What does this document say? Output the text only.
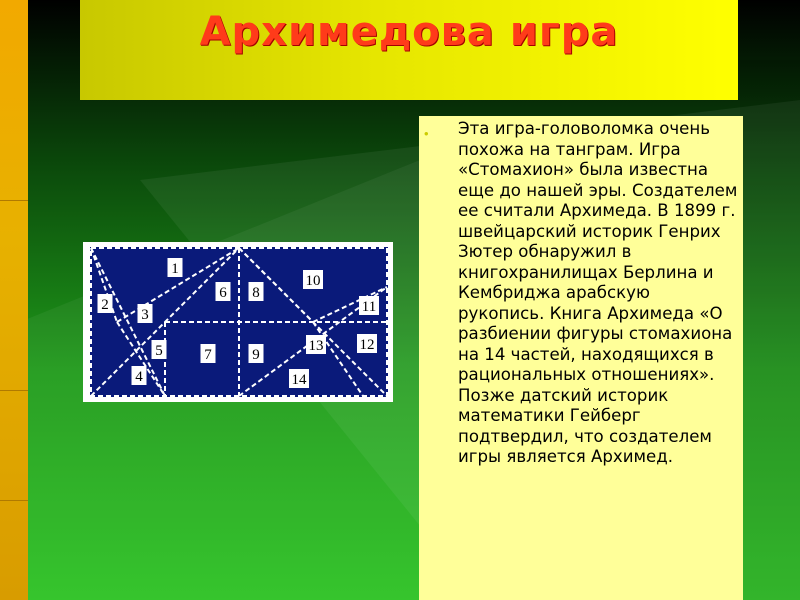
Архимедова игра
• Эта игра-головоломка очень похожа на танграм. Игра «Стомахион» была известна еще до нашей эры. Создателем ее считали Архимеда. В 1899 г. швейцарский историк Генрих Зютер обнаружил в книгохранилищах Берлина и Кембриджа арабскую рукопись. Книга Архимеда «О разбиении фигуры стомахиона на 14 частей, находящихся в рациональных отношениях». Позже датский историк математики Гейберг подтвердил, что создателем игры является Архимед.

1
2
3
4
5
6
7
8
9
10
11
12
13
14
